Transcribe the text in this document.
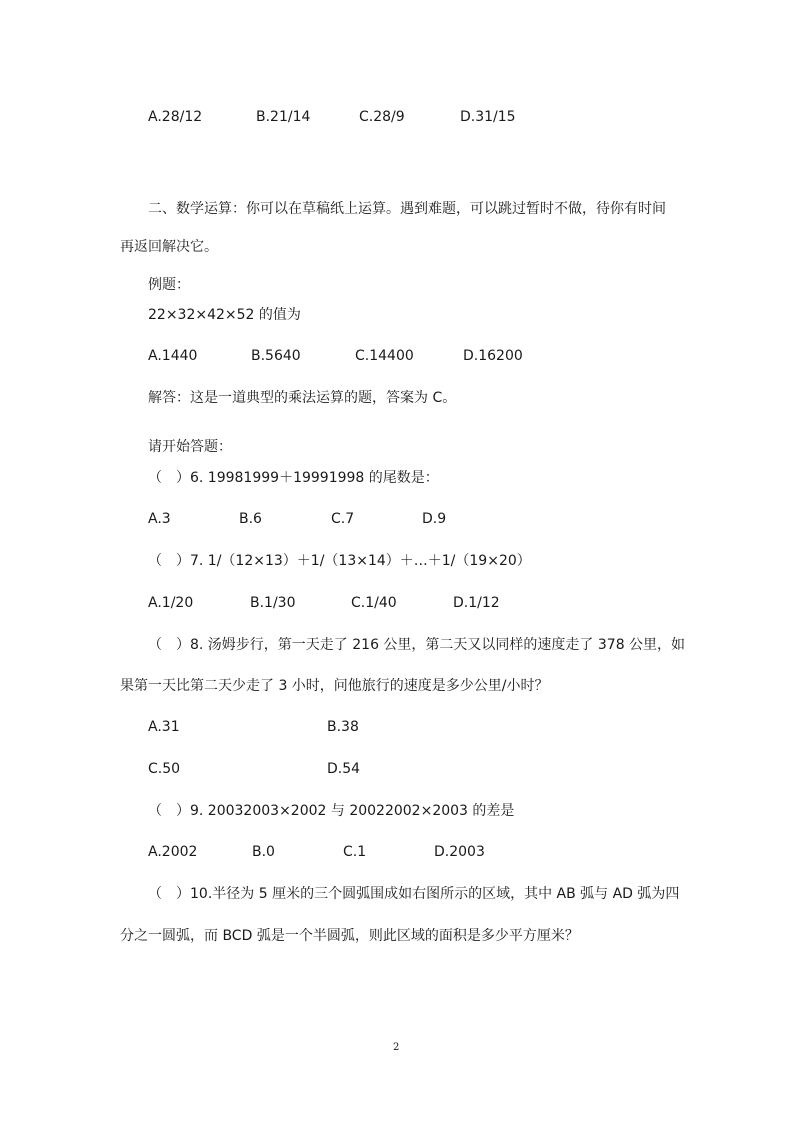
A.28/12	B.21/14	C.28/9	D.31/15
二、数学运算：你可以在草稿纸上运算。遇到难题，可以跳过暂时不做，待你有时间
再返回解决它。
例题：
22×32×42×52 的值为
A.1440	B.5640	C.14400	D.16200
解答：这是一道典型的乘法运算的题，答案为 C。
请开始答题：
（　）6. 19981999＋19991998 的尾数是：
A.3	B.6	C.7	D.9
（　）7. 1/（12×13）＋1/（13×14）＋…＋1/（19×20）
A.1/20	B.1/30	C.1/40	D.1/12
（　）8. 汤姆步行，第一天走了 216 公里，第二天又以同样的速度走了 378 公里，如
果第一天比第二天少走了 3 小时，问他旅行的速度是多少公里/小时？
A.31	B.38
C.50	D.54
（　）9. 20032003×2002 与 20022002×2003 的差是
A.2002	B.0	C.1	D.2003
（　）10.半径为 5 厘米的三个圆弧围成如右图所示的区域，其中 AB 弧与 AD 弧为四
分之一圆弧，而 BCD 弧是一个半圆弧，则此区域的面积是多少平方厘米？
2
